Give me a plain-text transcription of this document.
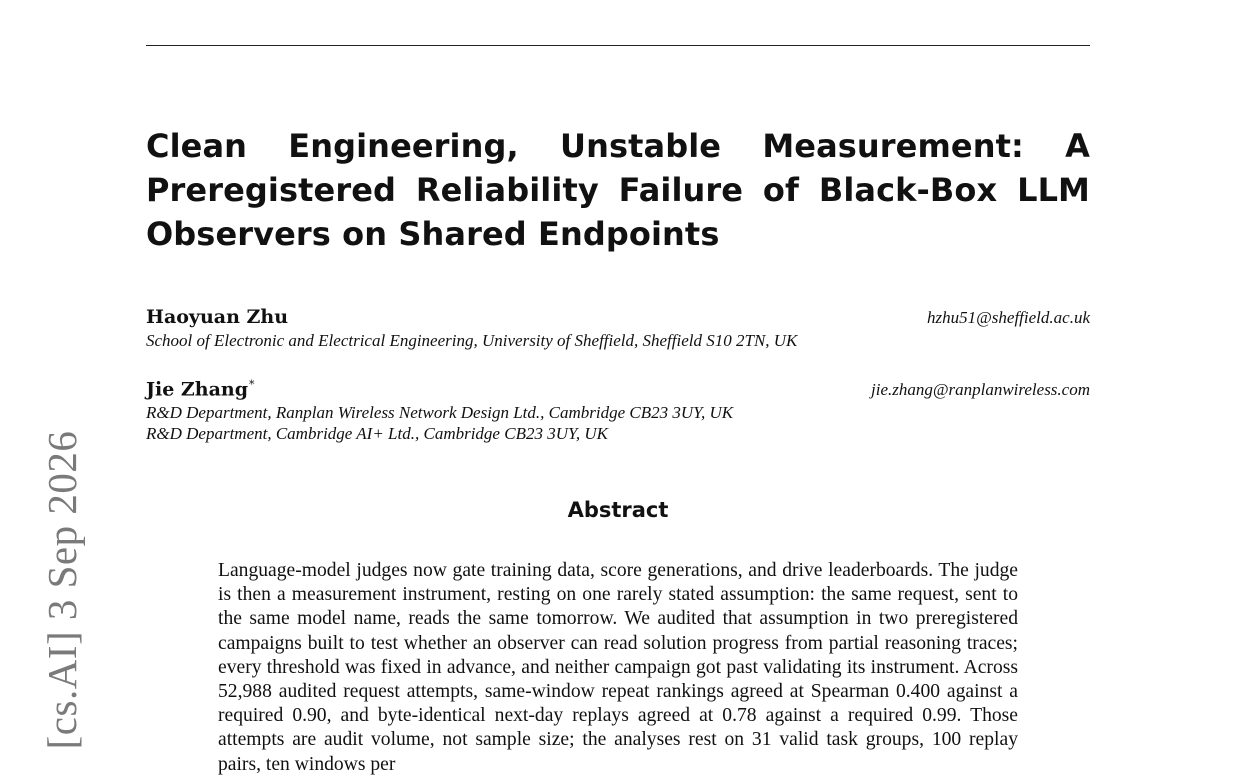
Clean Engineering, Unstable Measurement: A Preregistered Reliability Failure of Black-Box LLM Observers on Shared Endpoints
Haoyuan Zhu	hzhu51@sheffield.ac.uk
School of Electronic and Electrical Engineering, University of Sheffield, Sheffield S10 2TN, UK
Jie Zhang*	jie.zhang@ranplanwireless.com
R&D Department, Ranplan Wireless Network Design Ltd., Cambridge CB23 3UY, UK
R&D Department, Cambridge AI+ Ltd., Cambridge CB23 3UY, UK
Abstract
Language-model judges now gate training data, score generations, and drive leaderboards. The judge is then a measurement instrument, resting on one rarely stated assumption: the same request, sent to the same model name, reads the same tomorrow. We audited that assumption in two preregistered campaigns built to test whether an observer can read solution progress from partial reasoning traces; every threshold was fixed in advance, and neither campaign got past validating its instrument. Across 52,988 audited request attempts, same-window repeat rankings agreed at Spearman 0.400 against a required 0.90, and byte-identical next-day replays agreed at 0.78 against a required 0.99. Those attempts are audit volume, not sample size; the analyses rest on 31 valid task groups, 100 replay pairs, ten windows per
[cs.AI] 3 Sep 2026
